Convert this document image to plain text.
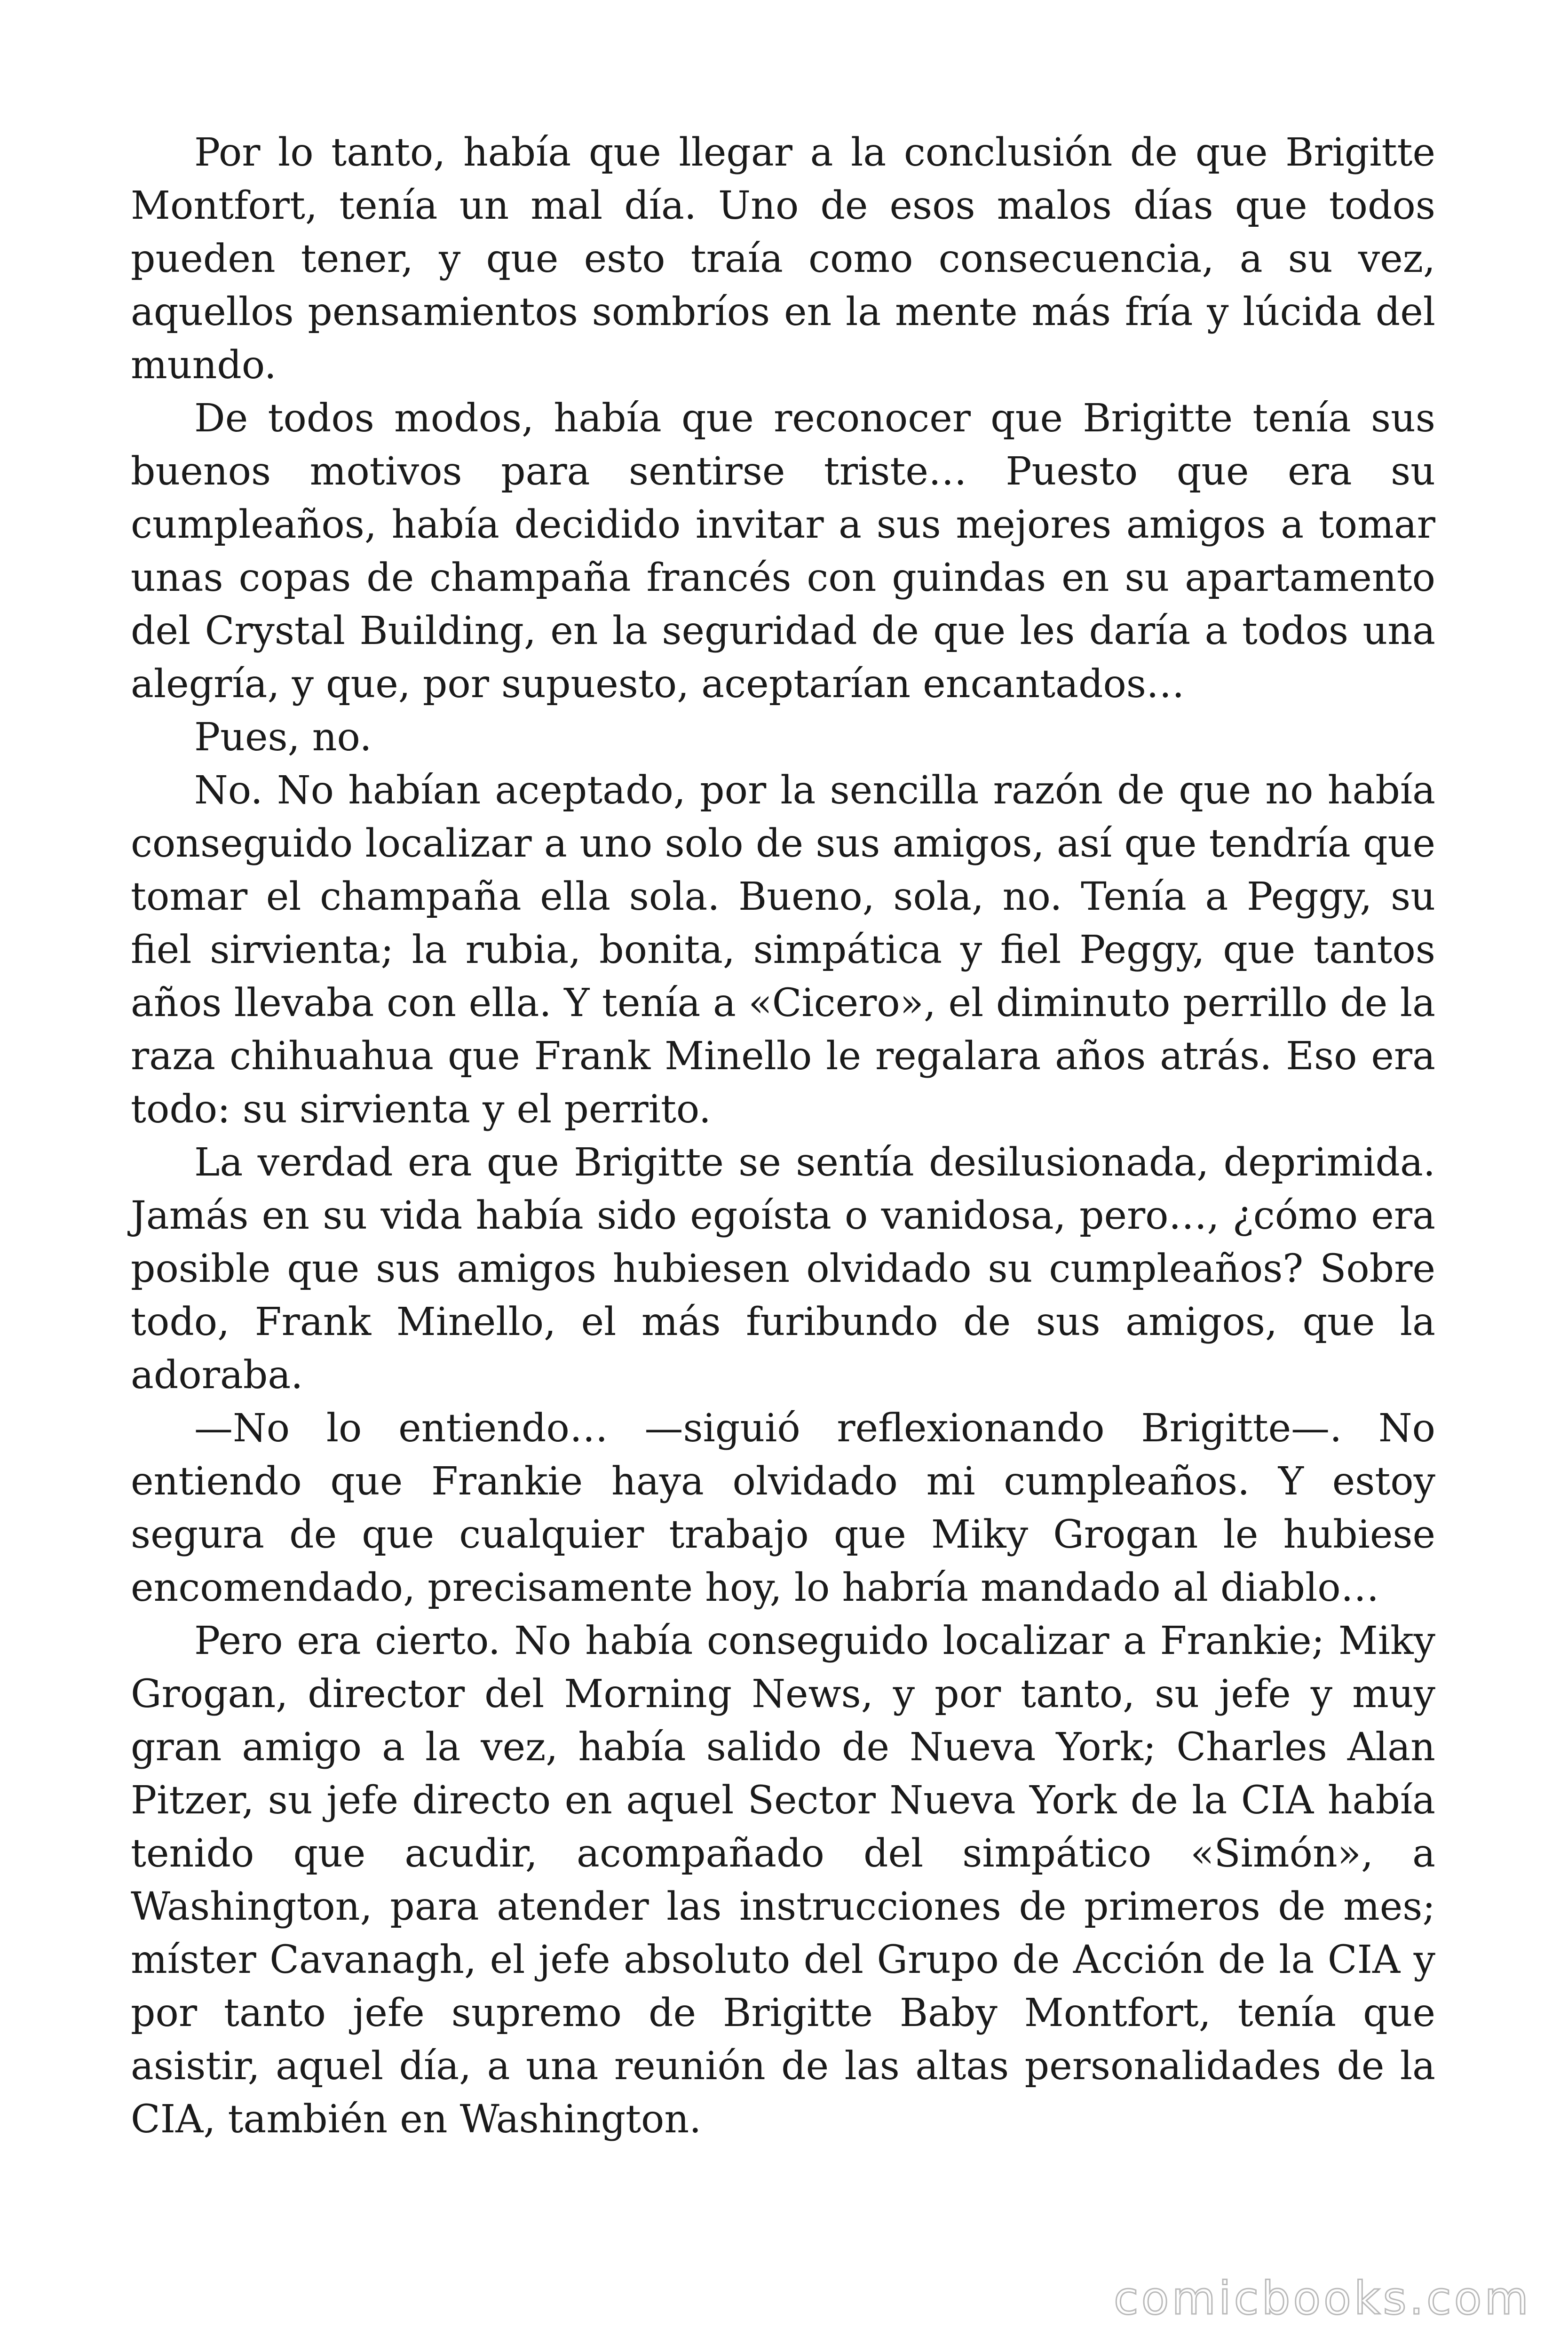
Por lo tanto, había que llegar a la conclusión de que Brigitte Montfort, tenía un mal día. Uno de esos malos días que todos pueden tener, y que esto traía como consecuencia, a su vez, aquellos pensamientos sombríos en la mente más fría y lúcida del mundo.

De todos modos, había que reconocer que Brigitte tenía sus buenos motivos para sentirse triste… Puesto que era su cumpleaños, había decidido invitar a sus mejores amigos a tomar unas copas de champaña francés con guindas en su apartamento del Crystal Building, en la seguridad de que les daría a todos una alegría, y que, por supuesto, aceptarían encantados…

Pues, no.

No. No habían aceptado, por la sencilla razón de que no había conseguido localizar a uno solo de sus amigos, así que tendría que tomar el champaña ella sola. Bueno, sola, no. Tenía a Peggy, su fiel sirvienta; la rubia, bonita, simpática y fiel Peggy, que tantos años llevaba con ella. Y tenía a «Cicero», el diminuto perrillo de la raza chihuahua que Frank Minello le regalara años atrás. Eso era todo: su sirvienta y el perrito.

La verdad era que Brigitte se sentía desilusionada, deprimida. Jamás en su vida había sido egoísta o vanidosa, pero…, ¿cómo era posible que sus amigos hubiesen olvidado su cumpleaños? Sobre todo, Frank Minello, el más furibundo de sus amigos, que la adoraba.

—No lo entiendo… —siguió reflexionando Brigitte—. No entiendo que Frankie haya olvidado mi cumpleaños. Y estoy segura de que cualquier trabajo que Miky Grogan le hubiese encomendado, precisamente hoy, lo habría mandado al diablo…

Pero era cierto. No había conseguido localizar a Frankie; Miky Grogan, director del Morning News, y por tanto, su jefe y muy gran amigo a la vez, había salido de Nueva York; Charles Alan Pitzer, su jefe directo en aquel Sector Nueva York de la CIA había tenido que acudir, acompañado del simpático «Simón», a Washington, para atender las instrucciones de primeros de mes; míster Cavanagh, el jefe absoluto del Grupo de Acción de la CIA y por tanto jefe supremo de Brigitte Baby Montfort, tenía que asistir, aquel día, a una reunión de las altas personalidades de la CIA, también en Washington.

comicbooks.com
